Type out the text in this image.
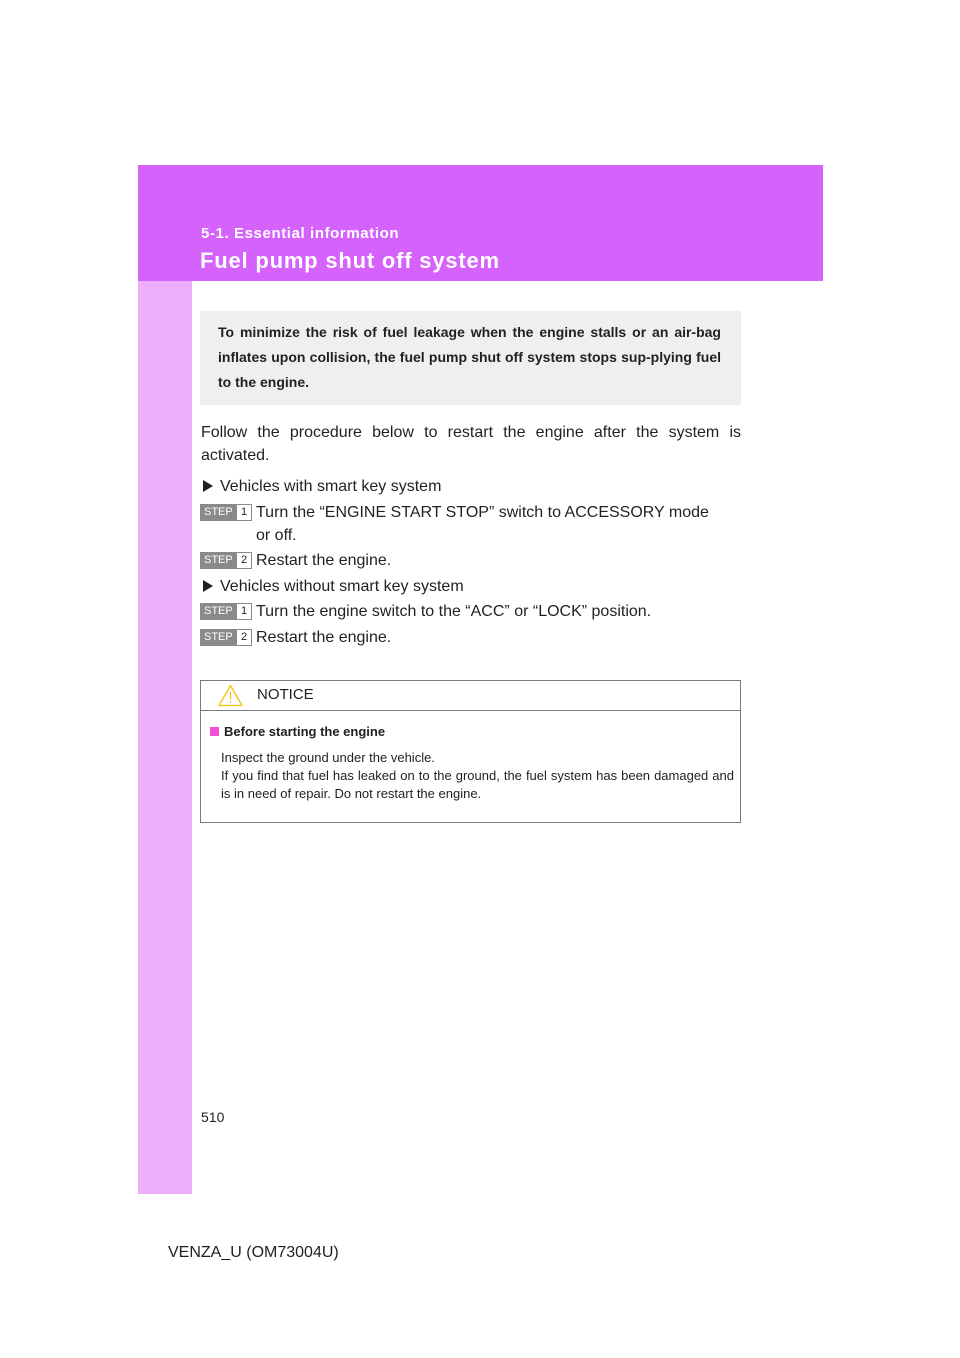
5-1. Essential information
Fuel pump shut off system
To minimize the risk of fuel leakage when the engine stalls or an air-bag inflates upon collision, the fuel pump shut off system stops sup-plying fuel to the engine.
Follow the procedure below to restart the engine after the system is activated.
Vehicles with smart key system
STEP 1 Turn the “ENGINE START STOP” switch to ACCESSORY mode
or off.
STEP 2 Restart the engine.
Vehicles without smart key system
STEP 1 Turn the engine switch to the “ACC” or “LOCK” position.
STEP 2 Restart the engine.
NOTICE
Before starting the engine
Inspect the ground under the vehicle.
If you find that fuel has leaked on to the ground, the fuel system has been damaged and is in need of repair. Do not restart the engine.
510
VENZA_U (OM73004U)
